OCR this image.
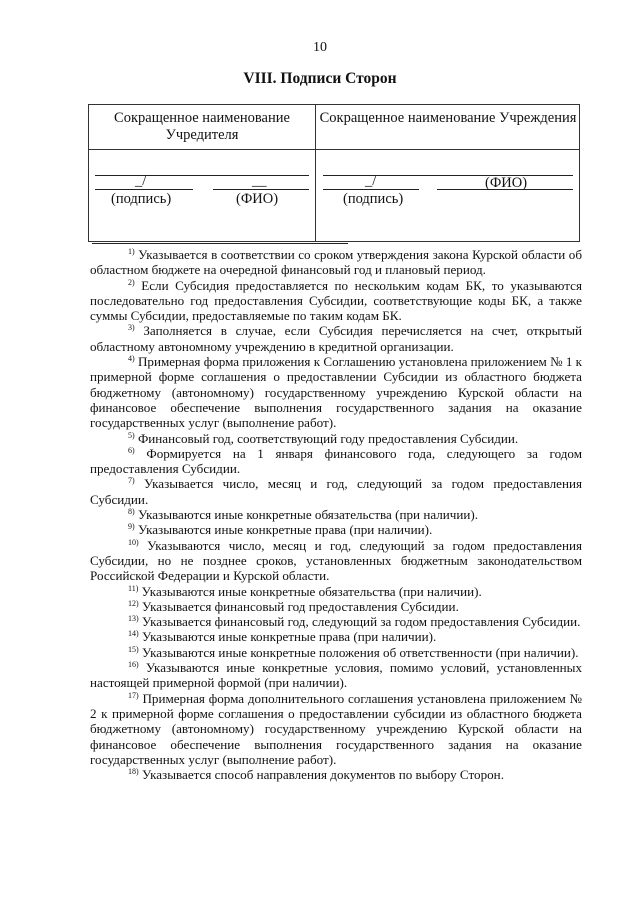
10
VIII. Подписи Сторон
Сокращенное наименование Учредителя
Сокращенное наименование Учреждения
_/	__
(подпись)	(ФИО)
_/
(подпись)
(ФИО)

$^{1)}$ Указывается в соответствии со сроком утверждения закона Курской области об областном бюджете на очередной финансовый год и плановый период.

$^{2)}$ Если Субсидия предоставляется по нескольким кодам БК, то указываются последовательно год предоставления Субсидии, соответствующие коды БК, а также суммы Субсидии, предоставляемые по таким кодам БК.

$^{3)}$ Заполняется в случае, если Субсидия перечисляется на счет, открытый областному автономному учреждению в кредитной организации.

$^{4)}$ Примерная форма приложения к Соглашению установлена приложением № 1 к примерной форме соглашения о предоставлении Субсидии из областного бюджета бюджетному (автономному) государственному учреждению Курской области на финансовое обеспечение выполнения государственного задания на оказание государственных услуг (выполнение работ).

$^{5)}$ Финансовый год, соответствующий году предоставления Субсидии.

$^{6)}$ Формируется на 1 января финансового года, следующего за годом предоставления Субсидии.

$^{7)}$ Указывается число, месяц и год, следующий за годом предоставления Субсидии.

$^{8)}$ Указываются иные конкретные обязательства (при наличии).

$^{9)}$ Указываются иные конкретные права (при наличии).

$^{10)}$ Указываются число, месяц и год, следующий за годом предоставления Субсидии, но не позднее сроков, установленных бюджетным законодательством Российской Федерации и Курской области.

$^{11)}$ Указываются иные конкретные обязательства (при наличии).

$^{12)}$ Указывается финансовый год предоставления Субсидии.

$^{13)}$ Указывается финансовый год, следующий за годом предоставления Субсидии.

$^{14)}$ Указываются иные конкретные права (при наличии).

$^{15)}$ Указываются иные конкретные положения об ответственности (при наличии).

$^{16)}$ Указываются иные конкретные условия, помимо условий, установленных настоящей примерной формой (при наличии).

$^{17)}$ Примерная форма дополнительного соглашения установлена приложением № 2 к примерной форме соглашения о предоставлении субсидии из областного бюджета бюджетному (автономному) государственному учреждению Курской области на финансовое обеспечение выполнения государственного задания на оказание государственных услуг (выполнение работ).

$^{18)}$ Указывается способ направления документов по выбору Сторон.
